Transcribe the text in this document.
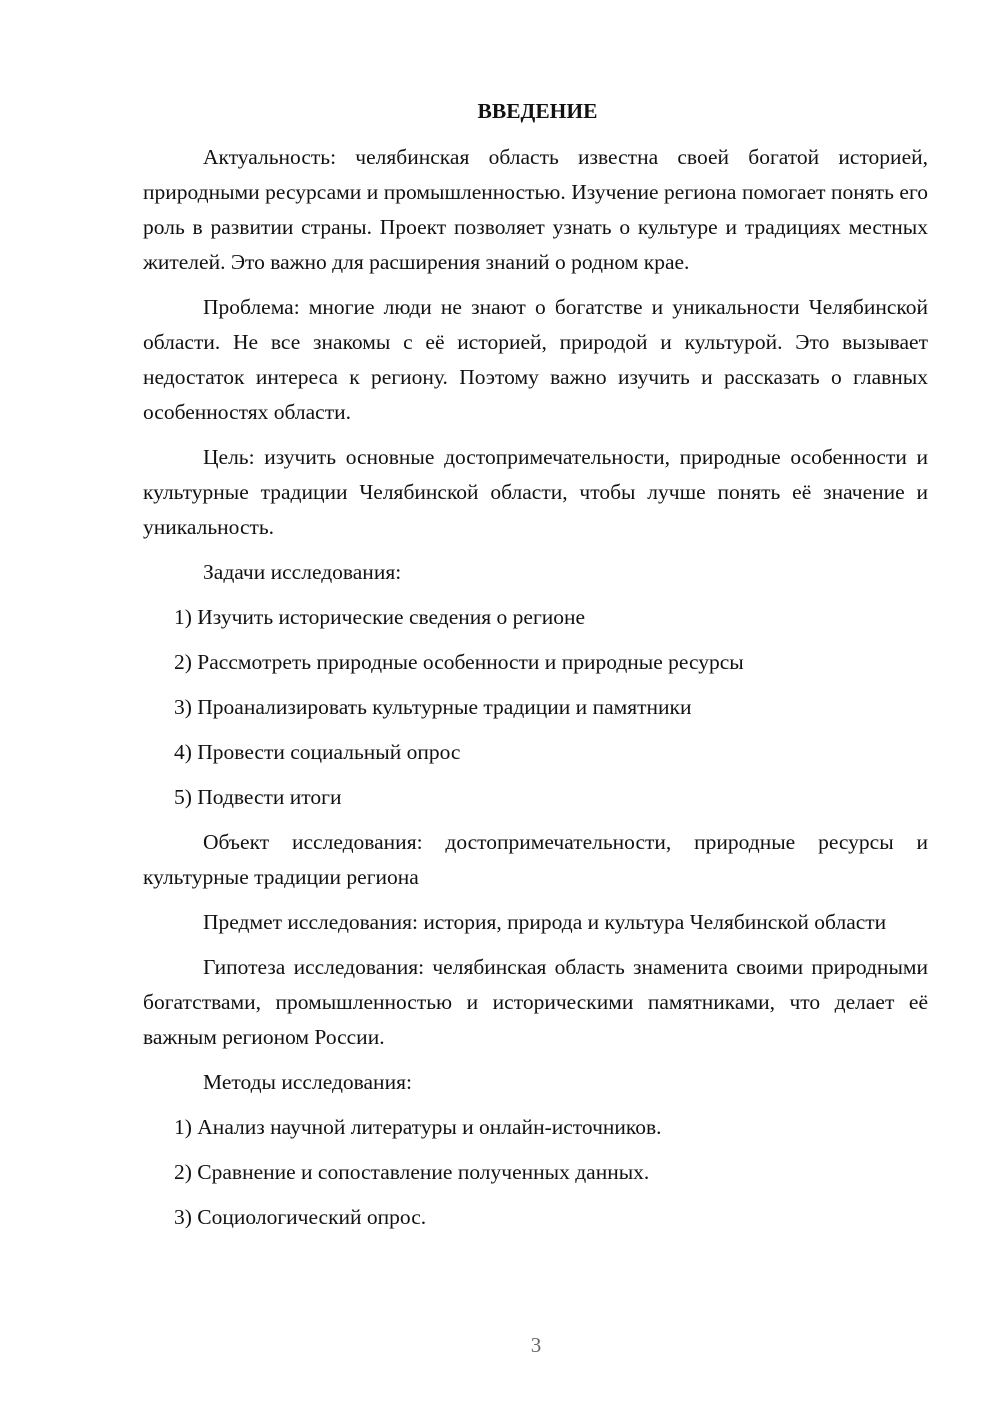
ВВЕДЕНИЕ

Актуальность: челябинская область известна своей богатой историей, природными ресурсами и промышленностью. Изучение региона помогает понять его роль в развитии страны. Проект позволяет узнать о культуре и традициях местных жителей. Это важно для расширения знаний о родном крае.

Проблема: многие люди не знают о богатстве и уникальности Челябинской области. Не все знакомы с её историей, природой и культурой. Это вызывает недостаток интереса к региону. Поэтому важно изучить и рассказать о главных особенностях области.

Цель: изучить основные достопримечательности, природные особенности и культурные традиции Челябинской области, чтобы лучше понять её значение и уникальность.

Задачи исследования:

1) Изучить исторические сведения о регионе

2) Рассмотреть природные особенности и природные ресурсы

3) Проанализировать культурные традиции и памятники

4) Провести социальный опрос

5) Подвести итоги

Объект исследования: достопримечательности, природные ресурсы и культурные традиции региона

Предмет исследования: история, природа и культура Челябинской области

Гипотеза исследования: челябинская область знаменита своими природными богатствами, промышленностью и историческими памятниками, что делает её важным регионом России.

Методы исследования:

1) Анализ научной литературы и онлайн-источников.

2) Сравнение и сопоставление полученных данных.

3) Социологический опрос.

3
